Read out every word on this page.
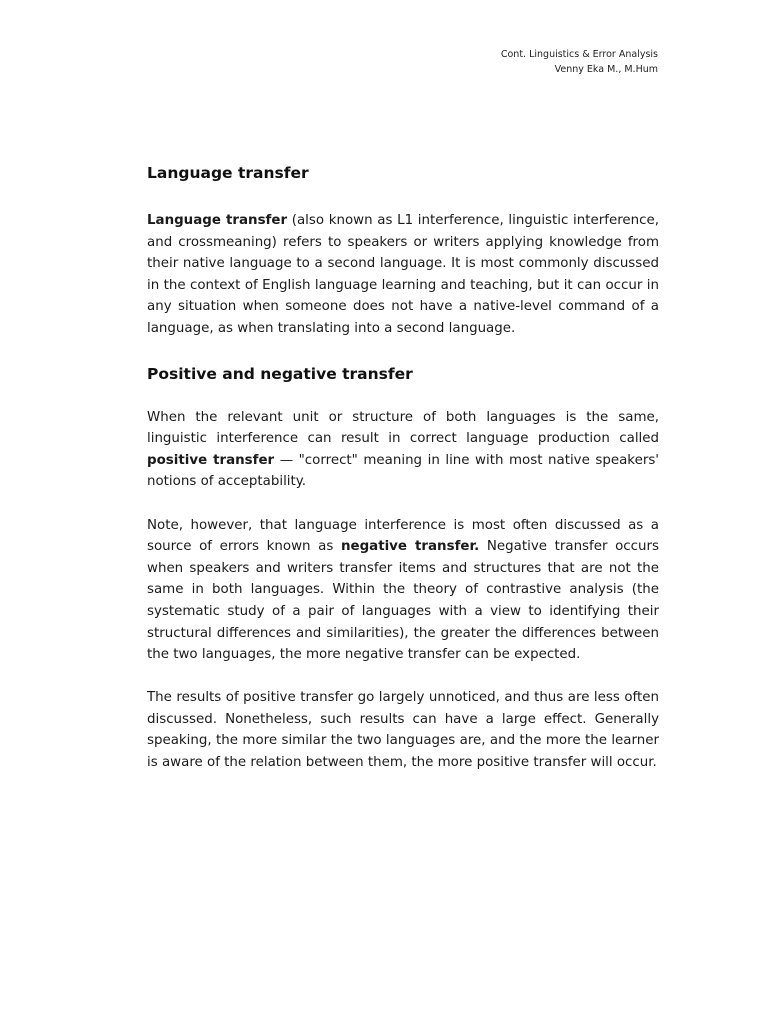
Cont. Linguistics & Error Analysis
Venny Eka M., M.Hum
Language transfer

Language transfer (also known as L1 interference, linguistic interference, and crossmeaning) refers to speakers or writers applying knowledge from their native language to a second language. It is most commonly discussed in the context of English language learning and teaching, but it can occur in any situation when someone does not have a native-level command of a language, as when translating into a second language.

Positive and negative transfer

When the relevant unit or structure of both languages is the same, linguistic interference can result in correct language production called positive transfer — "correct" meaning in line with most native speakers' notions of acceptability.

Note, however, that language interference is most often discussed as a source of errors known as negative transfer. Negative transfer occurs when speakers and writers transfer items and structures that are not the same in both languages. Within the theory of contrastive analysis (the systematic study of a pair of languages with a view to identifying their structural differences and similarities), the greater the differences between the two languages, the more negative transfer can be expected.

The results of positive transfer go largely unnoticed, and thus are less often discussed. Nonetheless, such results can have a large effect. Generally speaking, the more similar the two languages are, and the more the learner is aware of the relation between them, the more positive transfer will occur.
